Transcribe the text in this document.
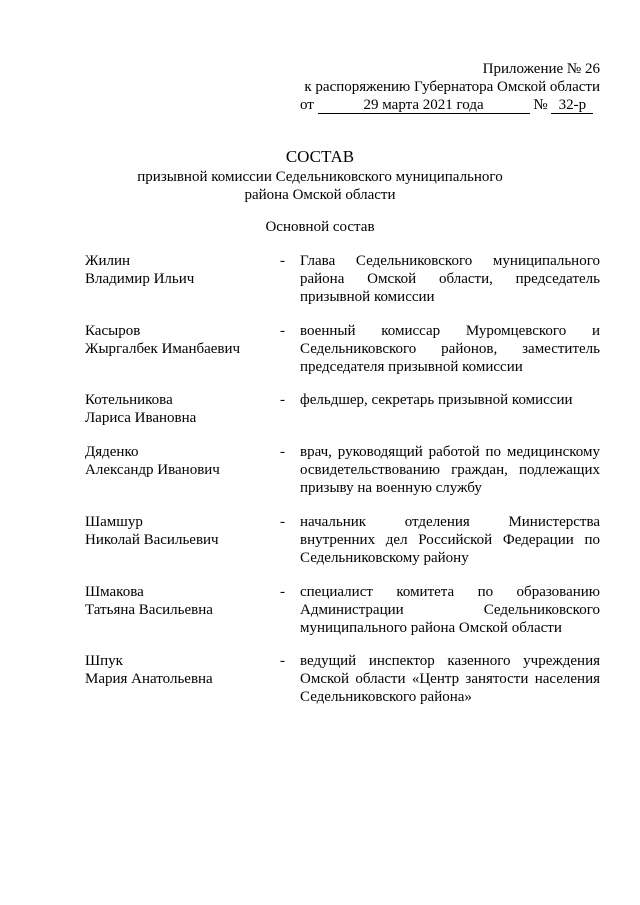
Приложение № 26
к распоряжению Губернатора Омской области
от	29 марта 2021 года	№ 32-р
СОСТАВ
призывной комиссии Седельниковского муниципального
района Омской области
Основной состав
Жилин
Владимир Ильич
- Глава Седельниковского муниципального района Омской области, председатель призывной комиссии
Касыров
Жыргалбек Иманбаевич
- военный комиссар Муромцевского и Седельниковского районов, заместитель председателя призывной комиссии
Котельникова
Лариса Ивановна
- фельдшер, секретарь призывной комиссии
Дяденко
Александр Иванович
- врач, руководящий работой по медицинскому освидетельствованию граждан, подлежащих призыву на военную службу
Шамшур
Николай Васильевич
- начальник отделения Министерства внутренних дел Российской Федерации по Седельниковскому району
Шмакова
Татьяна Васильевна
- специалист комитета по образованию Администрации Седельниковского муниципального района Омской области
Шпук
Мария Анатольевна
- ведущий инспектор казенного учреждения Омской области «Центр занятости населения Седельниковского района»
